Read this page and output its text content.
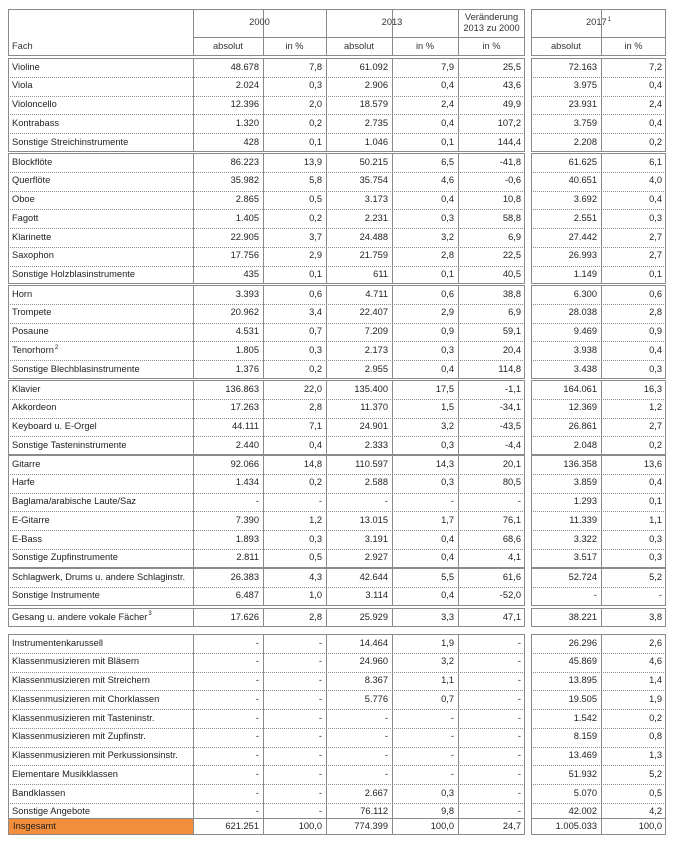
Fach
2000	2013
Veränderung
2013 zu 2000
2017$^1$
absolut	in %	absolut	in %	in %	absolut	in %
Violine	48.678	7,8	61.092	7,9	25,5	72.163	7,2
Viola	2.024	0,3	2.906	0,4	43,6	3.975	0,4
Violoncello	12.396	2,0	18.579	2,4	49,9	23.931	2,4
Kontrabass	1.320	0,2	2.735	0,4	107,2	3.759	0,4
Sonstige Streichinstrumente	428	0,1	1.046	0,1	144,4	2.208	0,2
Blockflöte	86.223	13,9	50.215	6,5	-41,8	61.625	6,1
Querflöte	35.982	5,8	35.754	4,6	-0,6	40.651	4,0
Oboe	2.865	0,5	3.173	0,4	10,8	3.692	0,4
Fagott	1.405	0,2	2.231	0,3	58,8	2.551	0,3
Klarinette	22.905	3,7	24.488	3,2	6,9	27.442	2,7
Saxophon	17.756	2,9	21.759	2,8	22,5	26.993	2,7
Sonstige Holzblasinstrumente	435	0,1	611	0,1	40,5	1.149	0,1
Horn	3.393	0,6	4.711	0,6	38,8	6.300	0,6
Trompete	20.962	3,4	22.407	2,9	6,9	28.038	2,8
Posaune	4.531	0,7	7.209	0,9	59,1	9.469	0,9
Tenorhorn$^2$	1.805	0,3	2.173	0,3	20,4	3.938	0,4
Sonstige Blechblasinstrumente	1.376	0,2	2.955	0,4	114,8	3.438	0,3
Klavier	136.863	22,0	135.400	17,5	-1,1	164.061	16,3
Akkordeon	17.263	2,8	11.370	1,5	-34,1	12.369	1,2
Keyboard u. E-Orgel	44.111	7,1	24.901	3,2	-43,5	26.861	2,7
Sonstige Tasteninstrumente	2.440	0,4	2.333	0,3	-4,4	2.048	0,2
Gitarre	92.066	14,8	110.597	14,3	20,1	136.358	13,6
Harfe	1.434	0,2	2.588	0,3	80,5	3.859	0,4
Baglama/arabische Laute/Saz	-	-	-	-	-	1.293	0,1
E-Gitarre	7.390	1,2	13.015	1,7	76,1	11.339	1,1
E-Bass	1.893	0,3	3.191	0,4	68,6	3.322	0,3
Sonstige Zupfinstrumente	2.811	0,5	2.927	0,4	4,1	3.517	0,3
Schlagwerk, Drums u. andere Schlaginstr.	26.383	4,3	42.644	5,5	61,6	52.724	5,2
Sonstige Instrumente	6.487	1,0	3.114	0,4	-52,0	-	-
Gesang u. andere vokale Fächer$^3$	17.626	2,8	25.929	3,3	47,1	38.221	3,8
Instrumentenkarussell	-	-	14.464	1,9	-	26.296	2,6
Klassenmusizieren mit Bläsern	-	-	24.960	3,2	-	45.869	4,6
Klassenmusizieren mit Streichern	-	-	8.367	1,1	-	13.895	1,4
Klassenmusizieren mit Chorklassen	-	-	5.776	0,7	-	19.505	1,9
Klassenmusizieren mit Tasteninstr.	-	-	-	-	-	1.542	0,2
Klassenmusizieren mit Zupfinstr.	-	-	-	-	-	8.159	0,8
Klassenmusizieren mit Perkussionsinstr.	-	-	-	-	-	13.469	1,3
Elementare Musikklassen	-	-	-	-	-	51.932	5,2
Bandklassen	-	-	2.667	0,3	-	5.070	0,5
Sonstige Angebote	-	-	76.112	9,8	-	42.002	4,2
Insgesamt	621.251	100,0	774.399	100,0	24,7	1.005.033	100,0
